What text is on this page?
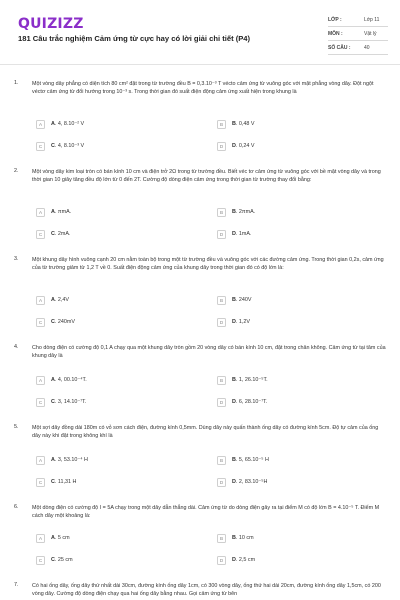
QUIZIZZ
181 Câu trắc nghiệm Cảm ứng từ cực hay có lời giải chi tiết (P4)
LỚP :	Lớp 11
MÔN :	Vật lý
SỐ CÂU :	40
1.	Một vòng dây phẳng có diện tích 80 cm² đặt trong từ trường đều B = 0,3.10⁻³ T vécto cảm ứng từ vuông góc với mặt phẳng vòng dây. Đột ngột véctơ cảm ứng từ đổi hướng trong 10⁻³ s. Trong thời gian đó suất điện động cảm ứng xuất hiện trong khung là
A	A. 4, 8.10⁻² V	B	B. 0,48 V
C	C. 4, 8.10⁻³ V	D	D. 0,24 V
2.	Một vòng dây kim loại tròn có bán kính 10 cm và điện trở 2Ω trong từ trường đều. Biết véc tơ cảm ứng từ vuông góc với bề mặt vòng dây và trong thời gian 10 giây tăng đều độ lớn từ 0 đến 2T. Cường độ dòng điện cảm ứng trong thời gian từ trường thay đổi bằng:
A	A. πmA.	B	B. 2πmA.
C	C. 2mA.	D	D. 1mA.
3.	Một khung dây hình vuông cạnh 20 cm nằm toàn bộ trong một từ trường đều và vuông góc với các đường cảm ứng. Trong thời gian 0,2s, cảm ứng của từ trường giảm từ 1,2 T về 0. Suất điện động cảm ứng của khung dây trong thời gian đó có độ lớn là:
A	A. 2,4V	B	B. 240V
C	C. 240mV	D	D. 1,2V
4.	Cho dòng điện có cường độ 0,1 A chạy qua một khung dây tròn gồm 20 vòng dây có bán kính 10 cm, đặt trong chân không. Cảm ứng từ tại tâm của khung dây là
A	A. 4, 00.10⁻⁴T.	B	B. 1, 26.10⁻⁵T.
C	C. 3, 14.10⁻⁷T.	D	D. 6, 28.10⁻⁷T.
5.	Một sợi dây đồng dài 180m có vỏ sơn cách điện, đường kính 0,5mm. Dùng dây này quấn thành ống dây có đường kính 5cm. Độ tự cảm của ống dây này khi đặt trong không khí là
A	A. 3, 53.10⁻⁴ H	B	B. 5, 65.10⁻⁵ H
C	C. 11,31 H	D	D. 2, 83.10⁻⁵H
6.	Một dòng điện có cường độ I = 5A chạy trong một dây dẫn thẳng dài. Cảm ứng từ do dòng điện gây ra tại điểm M có độ lớn B = 4.10⁻⁵ T. Điểm M cách dây một khoảng là:
A	A. 5 cm	B	B. 10 cm
C	C. 25 cm	D	D. 2,5 cm
7.	Có hai ống dây, ống dây thứ nhất dài 30cm, đường kính ống dây 1cm, có 300 vòng dây, ống thứ hai dài 20cm, đường kính ống dây 1,5cm, có 200 vòng dây. Cường độ dòng điện chạy qua hai ống dây bằng nhau. Gọi cảm ứng từ bên
